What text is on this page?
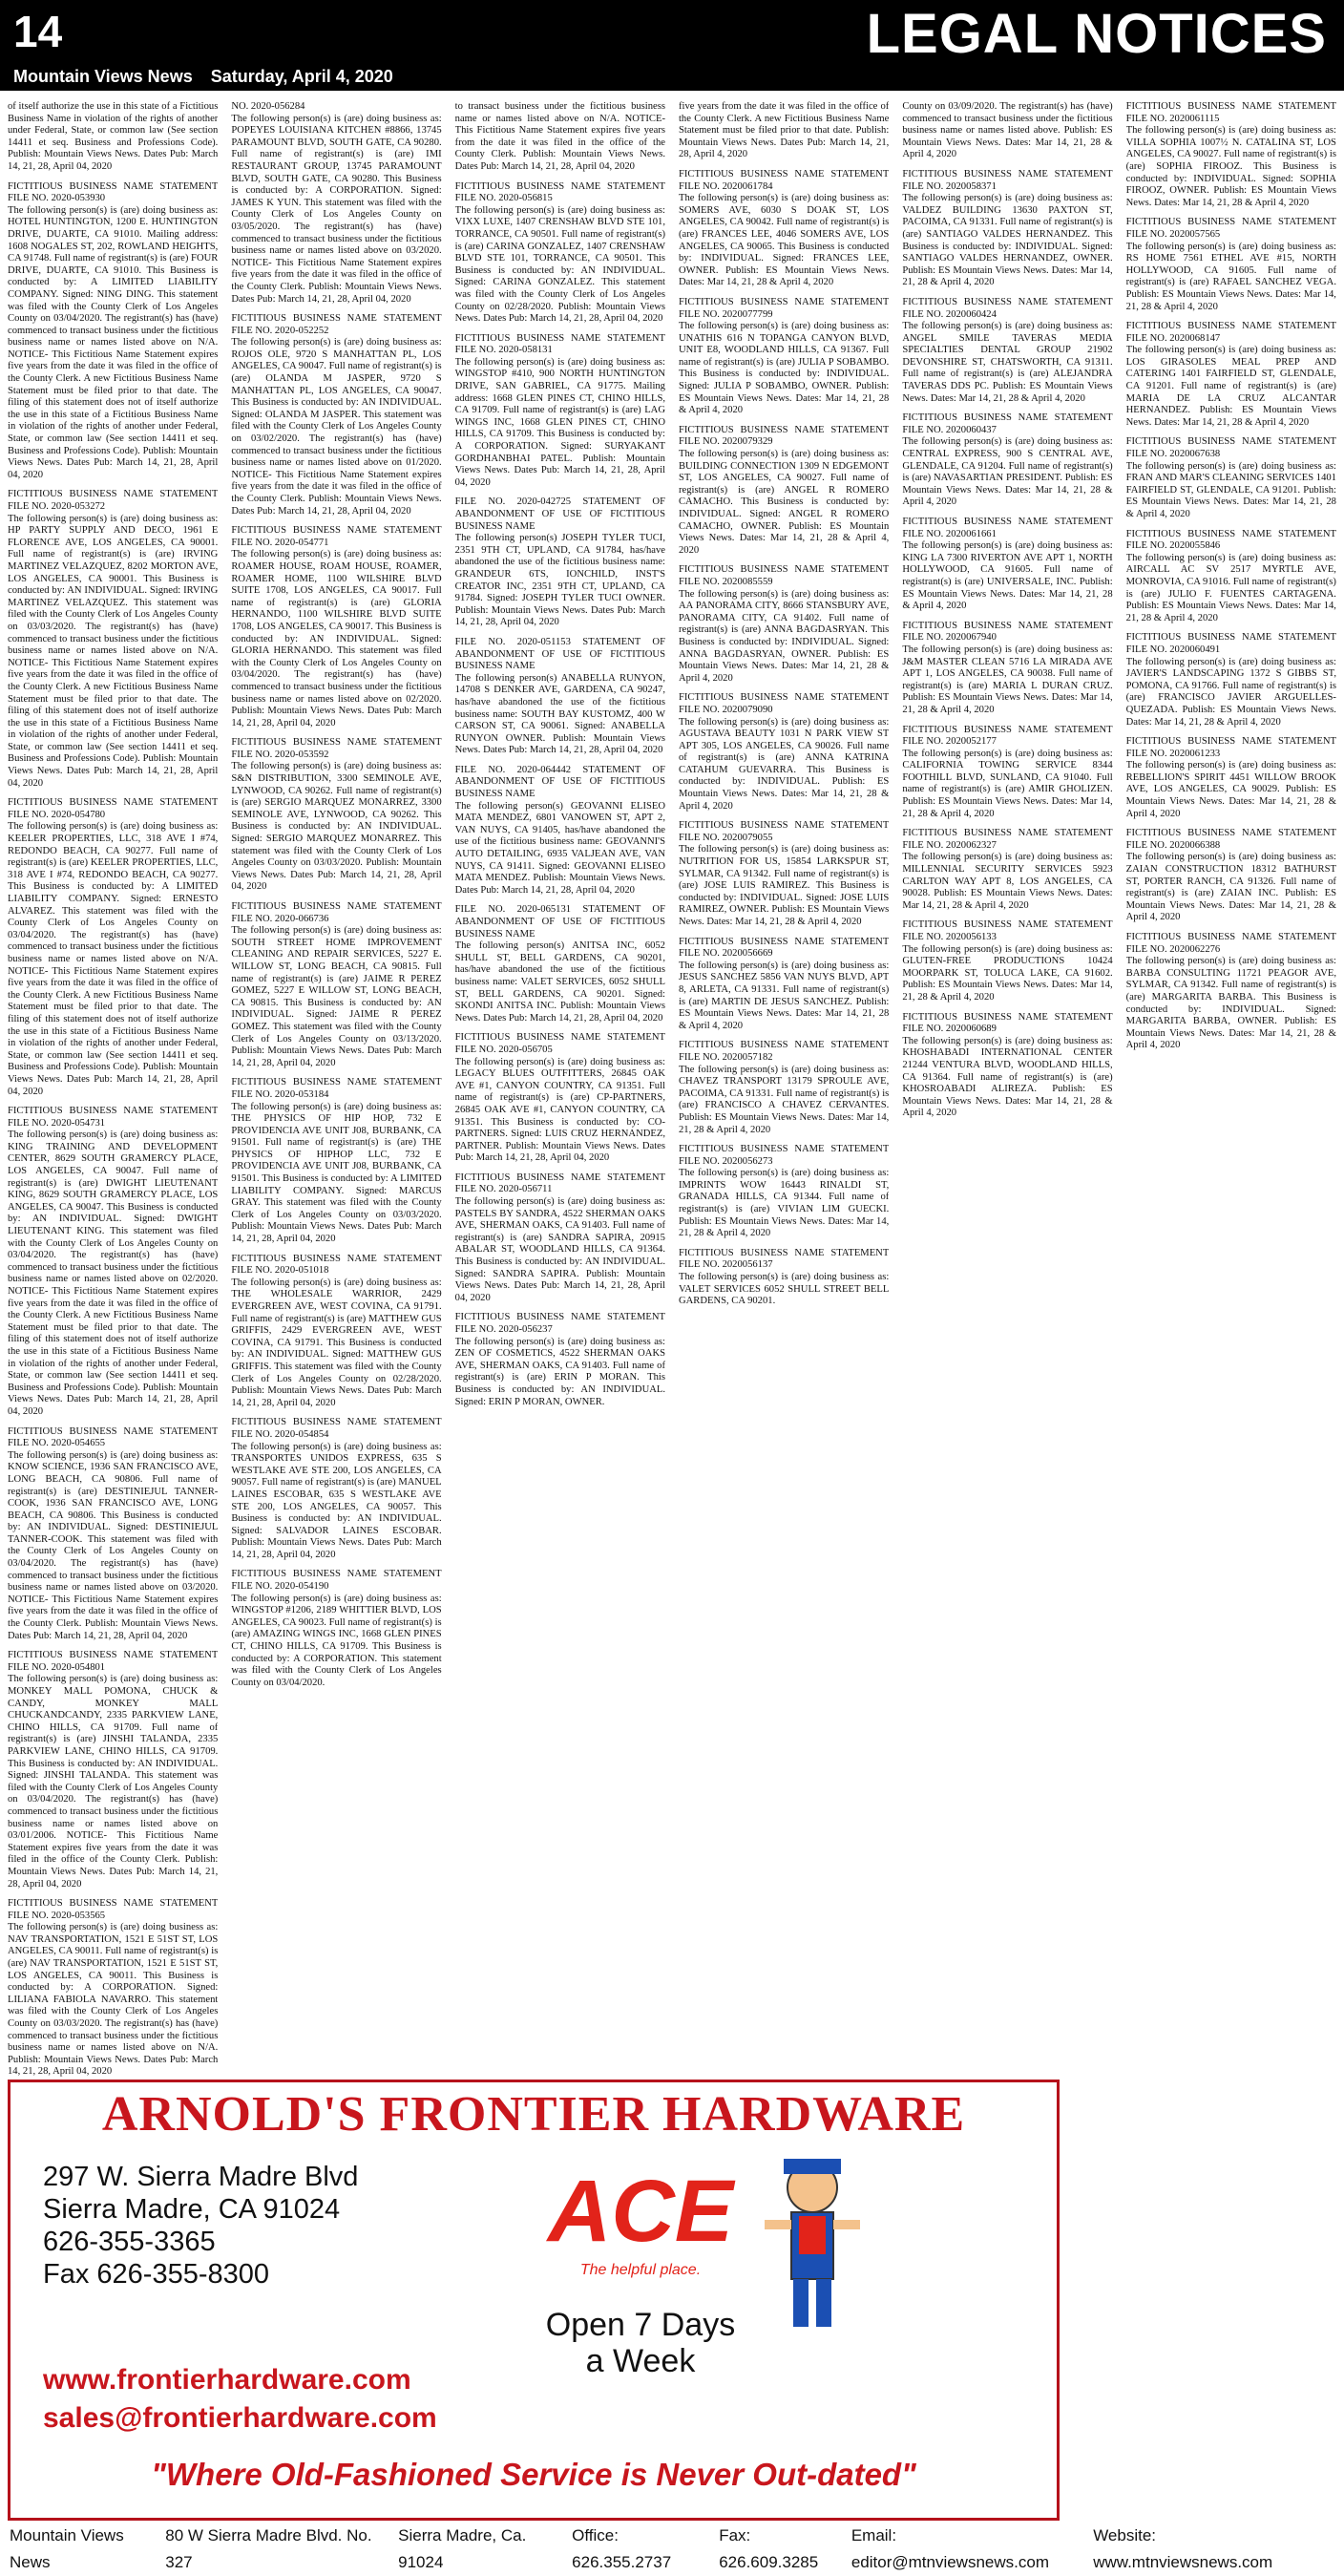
14	LEGAL NOTICES
Mountain Views News Saturday, April 4, 2020
of itself authorize the use in this state of a Fictitious Business Name in violation of the rights of another under Federal, State, or common law (See section 14411 et seq. Business and Professions Code). Publish: Mountain Views News. Dates Pub: March 14, 21, 28, April 04, 2020
FICTITIOUS BUSINESS NAME STATEMENT FILE NO. 2020-053930
The following person(s) is (are) doing business as: HOTEL HUNTINGTON, 1200 E. HUNTINGTON DRIVE, DUARTE, CA 91010. Mailing address: 1608 NOGALES ST, 202, ROWLAND HEIGHTS, CA 91748. Full name of registrant(s) is (are) FOUR DRIVE, DUARTE, CA 91010. This Business is conducted by: A LIMITED LIABILITY COMPANY. Signed: NING DING. This statement was filed with the County Clerk of Los Angeles County on 03/04/2020. The registrant(s) has (have) commenced to transact business under the fictitious business name or names listed above on N/A. NOTICE- This Fictitious Name Statement expires five years from the date it was filed in the office of the County Clerk. A new Fictitious Business Name Statement must be filed prior to that date. The filing of this statement does not of itself authorize the use in this state of a Fictitious Business Name in violation of the rights of another under Federal, State, or common law (See section 14411 et seq. Business and Professions Code). Publish: Mountain Views News. Dates Pub: March 14, 21, 28, April 04, 2020
FICTITIOUS BUSINESS NAME STATEMENT FILE NO. 2020-053272
The following person(s) is (are) doing business as: HP PARTY SUPPLY AND DECO, 1961 E FLORENCE AVE, LOS ANGELES, CA 90001. Full name of registrant(s) is (are) IRVING MARTINEZ VELAZQUEZ, 8202 MORTON AVE, LOS ANGELES, CA 90001. This Business is conducted by: AN INDIVIDUAL. Signed: IRVING MARTINEZ VELAZQUEZ. This statement was filed with the County Clerk of Los Angeles County on 03/03/2020. The registrant(s) has (have) commenced to transact business under the fictitious business name or names listed above on N/A. NOTICE- This Fictitious Name Statement expires five years from the date it was filed in the office of the County Clerk. A new Fictitious Business Name Statement must be filed prior to that date. The filing of this statement does not of itself authorize the use in this state of a Fictitious Business Name in violation of the rights of another under Federal, State, or common law (See section 14411 et seq. Business and Professions Code). Publish: Mountain Views News. Dates Pub: March 14, 21, 28, April 04, 2020
FICTITIOUS BUSINESS NAME STATEMENT FILE NO. 2020-054780
The following person(s) is (are) doing business as: KEELER PROPERTIES, LLC, 318 AVE I #74, REDONDO BEACH, CA 90277. Full name of registrant(s) is (are) KEELER PROPERTIES, LLC, 318 AVE I #74, REDONDO BEACH, CA 90277. This Business is conducted by: A LIMITED LIABILITY COMPANY. Signed: ERNESTO ALVAREZ. This statement was filed with the County Clerk of Los Angeles County on 03/04/2020. The registrant(s) has (have) commenced to transact business under the fictitious business name or names listed above on N/A. NOTICE- This Fictitious Name Statement expires five years from the date it was filed in the office of the County Clerk. A new Fictitious Business Name Statement must be filed prior to that date. The filing of this statement does not of itself authorize the use in this state of a Fictitious Business Name in violation of the rights of another under Federal, State, or common law (See section 14411 et seq. Business and Professions Code). Publish: Mountain Views News. Dates Pub: March 14, 21, 28, April 04, 2020
FICTITIOUS BUSINESS NAME STATEMENT FILE NO. 2020-054731
The following person(s) is (are) doing business as: KING TRAINING AND DEVELOPMENT CENTER, 8629 SOUTH GRAMERCY PLACE, LOS ANGELES, CA 90047. Full name of registrant(s) is (are) DWIGHT LIEUTENANT KING, 8629 SOUTH GRAMERCY PLACE, LOS ANGELES, CA 90047. This Business is conducted by: AN INDIVIDUAL. Signed: DWIGHT LIEUTENANT KING. This statement was filed with the County Clerk of Los Angeles County on 03/04/2020. The registrant(s) has (have) commenced to transact business under the fictitious business name or names listed above on 02/2020. NOTICE- This Fictitious Name Statement expires five years from the date it was filed in the office of the County Clerk. A new Fictitious Business Name Statement must be filed prior to that date. The filing of this statement does not of itself authorize the use in this state of a Fictitious Business Name in violation of the rights of another under Federal, State, or common law (See section 14411 et seq. Business and Professions Code). Publish: Mountain Views News. Dates Pub: March 14, 21, 28, April 04, 2020
FICTITIOUS BUSINESS NAME STATEMENT FILE NO. 2020-054655
The following person(s) is (are) doing business as: KNOW SCIENCE, 1936 SAN FRANCISCO AVE, LONG BEACH, CA 90806. Full name of registrant(s) is (are) DESTINIEJUL TANNER-COOK, 1936 SAN FRANCISCO AVE, LONG BEACH, CA 90806. This Business is conducted by: AN INDIVIDUAL. Signed: DESTINIEJUL TANNER-COOK. This statement was filed with the County Clerk of Los Angeles County on 03/04/2020. The registrant(s) has (have) commenced to transact business under the fictitious business name or names listed above on 03/2020. NOTICE- This Fictitious Name Statement expires five years from the date it was filed in the office of the County Clerk. Publish: Mountain Views News. Dates Pub: March 14, 21, 28, April 04, 2020
FICTITIOUS BUSINESS NAME STATEMENT FILE NO. 2020-054801
The following person(s) is (are) doing business as: MONKEY MALL POMONA, CHUCK & CANDY, MONKEY MALL CHUCKANDCANDY, 2335 PARKVIEW LANE, CHINO HILLS, CA 91709. Full name of registrant(s) is (are) JINSHI TALANDA, 2335 PARKVIEW LANE, CHINO HILLS, CA 91709. This Business is conducted by: AN INDIVIDUAL. Signed: JINSHI TALANDA. This statement was filed with the County Clerk of Los Angeles County on 03/04/2020. The registrant(s) has (have) commenced to transact business under the fictitious business name or names listed above on 03/01/2006. NOTICE- This Fictitious Name Statement expires five years from the date it was filed in the office of the County Clerk. Publish: Mountain Views News. Dates Pub: March 14, 21, 28, April 04, 2020
FICTITIOUS BUSINESS NAME STATEMENT FILE NO. 2020-053565
The following person(s) is (are) doing business as: NAV TRANSPORTATION, 1521 E 51ST ST, LOS ANGELES, CA 90011. Full name of registrant(s) is (are) NAV TRANSPORTATION, 1521 E 51ST ST, LOS ANGELES, CA 90011. This Business is conducted by: A CORPORATION. Signed: LILIANA FABIOLA NAVARRO. This statement was filed with the County Clerk of Los Angeles County on 03/03/2020. The registrant(s) has (have) commenced to transact business under the fictitious business name or names listed above on N/A. Publish: Mountain Views News. Dates Pub: March 14, 21, 28, April 04, 2020
NO. 2020-056284
The following person(s) is (are) doing business as: POPEYES LOUISIANA KITCHEN #8866, 13745 PARAMOUNT BLVD, SOUTH GATE, CA 90280. Full name of registrant(s) is (are) IMI RESTAURANT GROUP, 13745 PARAMOUNT BLVD, SOUTH GATE, CA 90280. This Business is conducted by: A CORPORATION. Signed: JAMES K YUN. This statement was filed with the County Clerk of Los Angeles County on 03/05/2020. The registrant(s) has (have) commenced to transact business under the fictitious business name or names listed above on 03/2020. NOTICE- This Fictitious Name Statement expires five years from the date it was filed in the office of the County Clerk. Publish: Mountain Views News. Dates Pub: March 14, 21, 28, April 04, 2020
FICTITIOUS BUSINESS NAME STATEMENT FILE NO. 2020-052252
The following person(s) is (are) doing business as: ROJOS OLE, 9720 S MANHATTAN PL, LOS ANGELES, CA 90047. Full name of registrant(s) is (are) OLANDA M JASPER, 9720 S MANHATTAN PL, LOS ANGELES, CA 90047. This Business is conducted by: AN INDIVIDUAL. Signed: OLANDA M JASPER. This statement was filed with the County Clerk of Los Angeles County on 03/02/2020. The registrant(s) has (have) commenced to transact business under the fictitious business name or names listed above on 01/2020. NOTICE- This Fictitious Name Statement expires five years from the date it was filed in the office of the County Clerk. Publish: Mountain Views News. Dates Pub: March 14, 21, 28, April 04, 2020
FICTITIOUS BUSINESS NAME STATEMENT FILE NO. 2020-054771
The following person(s) is (are) doing business as: ROAMER HOUSE, ROAM HOUSE, ROAMER, ROAMER HOME, 1100 WILSHIRE BLVD SUITE 1708, LOS ANGELES, CA 90017. Full name of registrant(s) is (are) GLORIA HERNANDO, 1100 WILSHIRE BLVD SUITE 1708, LOS ANGELES, CA 90017. This Business is conducted by: AN INDIVIDUAL. Signed: GLORIA HERNANDO. This statement was filed with the County Clerk of Los Angeles County on 03/04/2020. The registrant(s) has (have) commenced to transact business under the fictitious business name or names listed above on 02/2020. Publish: Mountain Views News. Dates Pub: March 14, 21, 28, April 04, 2020
FICTITIOUS BUSINESS NAME STATEMENT FILE NO. 2020-053592
The following person(s) is (are) doing business as: S&N DISTRIBUTION, 3300 SEMINOLE AVE, LYNWOOD, CA 90262. Full name of registrant(s) is (are) SERGIO MARQUEZ MONARREZ, 3300 SEMINOLE AVE, LYNWOOD, CA 90262. This Business is conducted by: AN INDIVIDUAL. Signed: SERGIO MARQUEZ MONARREZ. This statement was filed with the County Clerk of Los Angeles County on 03/03/2020. Publish: Mountain Views News. Dates Pub: March 14, 21, 28, April 04, 2020
FICTITIOUS BUSINESS NAME STATEMENT FILE NO. 2020-066736
The following person(s) is (are) doing business as: SOUTH STREET HOME IMPROVEMENT CLEANING AND REPAIR SERVICES, 5227 E. WILLOW ST, LONG BEACH, CA 90815. Full name of registrant(s) is (are) JAIME R PEREZ GOMEZ, 5227 E WILLOW ST, LONG BEACH, CA 90815. This Business is conducted by: AN INDIVIDUAL. Signed: JAIME R PEREZ GOMEZ. This statement was filed with the County Clerk of Los Angeles County on 03/13/2020. Publish: Mountain Views News. Dates Pub: March 14, 21, 28, April 04, 2020
FICTITIOUS BUSINESS NAME STATEMENT FILE NO. 2020-053184
The following person(s) is (are) doing business as: THE PHYSICS OF HIP HOP, 732 E PROVIDENCIA AVE UNIT J08, BURBANK, CA 91501. Full name of registrant(s) is (are) THE PHYSICS OF HIPHOP LLC, 732 E PROVIDENCIA AVE UNIT J08, BURBANK, CA 91501. This Business is conducted by: A LIMITED LIABILITY COMPANY. Signed: MARCUS GRAY. This statement was filed with the County Clerk of Los Angeles County on 03/03/2020. Publish: Mountain Views News. Dates Pub: March 14, 21, 28, April 04, 2020
FICTITIOUS BUSINESS NAME STATEMENT FILE NO. 2020-051018
The following person(s) is (are) doing business as: THE WHOLESALE WARRIOR, 2429 EVERGREEN AVE, WEST COVINA, CA 91791. Full name of registrant(s) is (are) MATTHEW GUS GRIFFIS, 2429 EVERGREEN AVE, WEST COVINA, CA 91791. This Business is conducted by: AN INDIVIDUAL. Signed: MATTHEW GUS GRIFFIS. This statement was filed with the County Clerk of Los Angeles County on 02/28/2020. Publish: Mountain Views News. Dates Pub: March 14, 21, 28, April 04, 2020
FICTITIOUS BUSINESS NAME STATEMENT FILE NO. 2020-054854
The following person(s) is (are) doing business as: TRANSPORTES UNIDOS EXPRESS, 635 S WESTLAKE AVE STE 200, LOS ANGELES, CA 90057. Full name of registrant(s) is (are) MANUEL LAINES ESCOBAR, 635 S WESTLAKE AVE STE 200, LOS ANGELES, CA 90057. This Business is conducted by: AN INDIVIDUAL. Signed: SALVADOR LAINES ESCOBAR. Publish: Mountain Views News. Dates Pub: March 14, 21, 28, April 04, 2020
FICTITIOUS BUSINESS NAME STATEMENT FILE NO. 2020-054190
The following person(s) is (are) doing business as: WINGSTOP #1206, 2189 WHITTIER BLVD, LOS ANGELES, CA 90023. Full name of registrant(s) is (are) AMAZING WINGS INC, 1668 GLEN PINES CT, CHINO HILLS, CA 91709. This Business is conducted by: A CORPORATION. This statement was filed with the County Clerk of Los Angeles County on 03/04/2020.
to transact business under the fictitious business name or names listed above on N/A. NOTICE- This Fictitious Name Statement expires five years from the date it was filed in the office of the County Clerk. Publish: Mountain Views News. Dates Pub: March 14, 21, 28, April 04, 2020
FICTITIOUS BUSINESS NAME STATEMENT FILE NO. 2020-056815
The following person(s) is (are) doing business as: VIXX LUXE, 1407 CRENSHAW BLVD STE 101, TORRANCE, CA 90501. Full name of registrant(s) is (are) CARINA GONZALEZ, 1407 CRENSHAW BLVD STE 101, TORRANCE, CA 90501. This Business is conducted by: AN INDIVIDUAL. Signed: CARINA GONZALEZ. This statement was filed with the County Clerk of Los Angeles County on 02/28/2020. Publish: Mountain Views News. Dates Pub: March 14, 21, 28, April 04, 2020
FICTITIOUS BUSINESS NAME STATEMENT FILE NO. 2020-058131
The following person(s) is (are) doing business as: WINGSTOP #410, 900 NORTH HUNTINGTON DRIVE, SAN GABRIEL, CA 91775. Mailing address: 1668 GLEN PINES CT, CHINO HILLS, CA 91709. Full name of registrant(s) is (are) LAG WINGS INC, 1668 GLEN PINES CT, CHINO HILLS, CA 91709. This Business is conducted by: A CORPORATION. Signed: SURYAKANT GORDHANBHAI PATEL. Publish: Mountain Views News. Dates Pub: March 14, 21, 28, April 04, 2020
FILE NO. 2020-042725 STATEMENT OF ABANDONMENT OF USE OF FICTITIOUS BUSINESS NAME
The following person(s) JOSEPH TYLER TUCI, 2351 9TH CT, UPLAND, CA 91784, has/have abandoned the use of the fictitious business name: GRANDEUR 6TS, IONCHILD, INST'S CREATOR INC, 2351 9TH CT, UPLAND, CA 91784. Signed: JOSEPH TYLER TUCI OWNER. Publish: Mountain Views News. Dates Pub: March 14, 21, 28, April 04, 2020
FILE NO. 2020-051153 STATEMENT OF ABANDONMENT OF USE OF FICTITIOUS BUSINESS NAME
The following person(s) ANABELLA RUNYON, 14708 S DENKER AVE, GARDENA, CA 90247, has/have abandoned the use of the fictitious business name: SOUTH BAY KUSTOMZ, 400 W CARSON ST, CA 90061. Signed: ANABELLA RUNYON OWNER. Publish: Mountain Views News. Dates Pub: March 14, 21, 28, April 04, 2020
FILE NO. 2020-064442 STATEMENT OF ABANDONMENT OF USE OF FICTITIOUS BUSINESS NAME
The following person(s) GEOVANNI ELISEO MATA MENDEZ, 6801 VANOWEN ST, APT 2, VAN NUYS, CA 91405, has/have abandoned the use of the fictitious business name: GEOVANNI'S AUTO DETAILING, 6935 VALJEAN AVE, VAN NUYS, CA 91411. Signed: GEOVANNI ELISEO MATA MENDEZ. Publish: Mountain Views News. Dates Pub: March 14, 21, 28, April 04, 2020
FILE NO. 2020-065131 STATEMENT OF ABANDONMENT OF USE OF FICTITIOUS BUSINESS NAME
The following person(s) ANITSA INC, 6052 SHULL ST, BELL GARDENS, CA 90201, has/have abandoned the use of the fictitious business name: VALET SERVICES, 6052 SHULL ST, BELL GARDENS, CA 90201. Signed: SKONDI ANITSA INC. Publish: Mountain Views News. Dates Pub: March 14, 21, 28, April 04, 2020
FICTITIOUS BUSINESS NAME STATEMENT FILE NO. 2020-056705
The following person(s) is (are) doing business as: LEGACY BLUES OUTFITTERS, 26845 OAK AVE #1, CANYON COUNTRY, CA 91351. Full name of registrant(s) is (are) CP-PARTNERS, 26845 OAK AVE #1, CANYON COUNTRY, CA 91351. This Business is conducted by: CO-PARTNERS. Signed: LUIS CRUZ HERNANDEZ, PARTNER. Publish: Mountain Views News. Dates Pub: March 14, 21, 28, April 04, 2020
FICTITIOUS BUSINESS NAME STATEMENT FILE NO. 2020-056711
The following person(s) is (are) doing business as: PASTELS BY SANDRA, 4522 SHERMAN OAKS AVE, SHERMAN OAKS, CA 91403. Full name of registrant(s) is (are) SANDRA SAPIRA, 20915 ABALAR ST, WOODLAND HILLS, CA 91364. This Business is conducted by: AN INDIVIDUAL. Signed: SANDRA SAPIRA. Publish: Mountain Views News. Dates Pub: March 14, 21, 28, April 04, 2020
FICTITIOUS BUSINESS NAME STATEMENT FILE NO. 2020-056237
The following person(s) is (are) doing business as: ZEN OF COSMETICS, 4522 SHERMAN OAKS AVE, SHERMAN OAKS, CA 91403. Full name of registrant(s) is (are) ERIN P MORAN. This Business is conducted by: AN INDIVIDUAL. Signed: ERIN P MORAN, OWNER.
five years from the date it was filed in the office of the County Clerk. A new Fictitious Business Name Statement must be filed prior to that date. Publish: Mountain Views News. Dates Pub: March 14, 21, 28, April 4, 2020
FICTITIOUS BUSINESS NAME STATEMENT FILE NO. 2020061784
The following person(s) is (are) doing business as: SOMERS AVE, 6030 S DOAK ST, LOS ANGELES, CA 90042. Full name of registrant(s) is (are) FRANCES LEE, 4046 SOMERS AVE, LOS ANGELES, CA 90065. This Business is conducted by: INDIVIDUAL. Signed: FRANCES LEE, OWNER. Publish: ES Mountain Views News. Dates: Mar 14, 21, 28 & April 4, 2020
FICTITIOUS BUSINESS NAME STATEMENT FILE NO. 2020077799
The following person(s) is (are) doing business as: UNATHIS 616 N TOPANGA CANYON BLVD, UNIT E8, WOODLAND HILLS, CA 91367. Full name of registrant(s) is (are) JULIA P SOBAMBO. This Business is conducted by: INDIVIDUAL. Signed: JULIA P SOBAMBO, OWNER. Publish: ES Mountain Views News. Dates: Mar 14, 21, 28 & April 4, 2020
FICTITIOUS BUSINESS NAME STATEMENT FILE NO. 2020079329
The following person(s) is (are) doing business as: BUILDING CONNECTION 1309 N EDGEMONT ST, LOS ANGELES, CA 90027. Full name of registrant(s) is (are) ANGEL R ROMERO CAMACHO. This Business is conducted by: INDIVIDUAL. Signed: ANGEL R ROMERO CAMACHO, OWNER. Publish: ES Mountain Views News. Dates: Mar 14, 21, 28 & April 4, 2020
FICTITIOUS BUSINESS NAME STATEMENT FILE NO. 2020085559
The following person(s) is (are) doing business as: AA PANORAMA CITY, 8666 STANSBURY AVE, PANORAMA CITY, CA 91402. Full name of registrant(s) is (are) ANNA BAGDASRYAN. This Business is conducted by: INDIVIDUAL. Signed: ANNA BAGDASRYAN, OWNER. Publish: ES Mountain Views News. Dates: Mar 14, 21, 28 & April 4, 2020
FICTITIOUS BUSINESS NAME STATEMENT FILE NO. 2020079090
The following person(s) is (are) doing business as: AGUSTAVA BEAUTY 1031 N PARK VIEW ST APT 305, LOS ANGELES, CA 90026. Full name of registrant(s) is (are) ANNA KATRINA CATAHUM GUEVARRA. This Business is conducted by: INDIVIDUAL. Publish: ES Mountain Views News. Dates: Mar 14, 21, 28 & April 4, 2020
FICTITIOUS BUSINESS NAME STATEMENT FILE NO. 2020079055
The following person(s) is (are) doing business as: NUTRITION FOR US, 15854 LARKSPUR ST, SYLMAR, CA 91342. Full name of registrant(s) is (are) JOSE LUIS RAMIREZ. This Business is conducted by: INDIVIDUAL. Signed: JOSE LUIS RAMIREZ, OWNER. Publish: ES Mountain Views News. Dates: Mar 14, 21, 28 & April 4, 2020
FICTITIOUS BUSINESS NAME STATEMENT FILE NO. 2020056669
The following person(s) is (are) doing business as: JESUS SANCHEZ 5856 VAN NUYS BLVD, APT 8, ARLETA, CA 91331. Full name of registrant(s) is (are) MARTIN DE JESUS SANCHEZ. Publish: ES Mountain Views News. Dates: Mar 14, 21, 28 & April 4, 2020
FICTITIOUS BUSINESS NAME STATEMENT FILE NO. 2020057182
The following person(s) is (are) doing business as: CHAVEZ TRANSPORT 13179 SPROULE AVE, PACOIMA, CA 91331. Full name of registrant(s) is (are) FRANCISCO A CHAVEZ CERVANTES. Publish: ES Mountain Views News. Dates: Mar 14, 21, 28 & April 4, 2020
FICTITIOUS BUSINESS NAME STATEMENT FILE NO. 2020056273
The following person(s) is (are) doing business as: IMPRINTS WOW 16443 RINALDI ST, GRANADA HILLS, CA 91344. Full name of registrant(s) is (are) VIVIAN LIM GUECKI. Publish: ES Mountain Views News. Dates: Mar 14, 21, 28 & April 4, 2020
FICTITIOUS BUSINESS NAME STATEMENT FILE NO. 2020056137
The following person(s) is (are) doing business as: VALET SERVICES 6052 SHULL STREET BELL GARDENS, CA 90201.
County on 03/09/2020. The registrant(s) has (have) commenced to transact business under the fictitious business name or names listed above. Publish: ES Mountain Views News. Dates: Mar 14, 21, 28 & April 4, 2020
FICTITIOUS BUSINESS NAME STATEMENT FILE NO. 2020058371
The following person(s) is (are) doing business as: VALDEZ BUILDING 13630 PAXTON ST, PACOIMA, CA 91331. Full name of registrant(s) is (are) SANTIAGO VALDES HERNANDEZ. This Business is conducted by: INDIVIDUAL. Signed: SANTIAGO VALDES HERNANDEZ, OWNER. Publish: ES Mountain Views News. Dates: Mar 14, 21, 28 & April 4, 2020
FICTITIOUS BUSINESS NAME STATEMENT FILE NO. 2020060424
The following person(s) is (are) doing business as: ANGEL SMILE TAVERAS MEDIA SPECIALTIES DENTAL GROUP 21902 DEVONSHIRE ST, CHATSWORTH, CA 91311. Full name of registrant(s) is (are) ALEJANDRA TAVERAS DDS PC. Publish: ES Mountain Views News. Dates: Mar 14, 21, 28 & April 4, 2020
FICTITIOUS BUSINESS NAME STATEMENT FILE NO. 2020060437
The following person(s) is (are) doing business as: CENTRAL EXPRESS, 900 S CENTRAL AVE, GLENDALE, CA 91204. Full name of registrant(s) is (are) NAVASARTIAN PRESIDENT. Publish: ES Mountain Views News. Dates: Mar 14, 21, 28 & April 4, 2020
FICTITIOUS BUSINESS NAME STATEMENT FILE NO. 2020061661
The following person(s) is (are) doing business as: KING LA 7300 RIVERTON AVE APT 1, NORTH HOLLYWOOD, CA 91605. Full name of registrant(s) is (are) UNIVERSALE, INC. Publish: ES Mountain Views News. Dates: Mar 14, 21, 28 & April 4, 2020
FICTITIOUS BUSINESS NAME STATEMENT FILE NO. 2020067940
The following person(s) is (are) doing business as: J&M MASTER CLEAN 5716 LA MIRADA AVE APT 1, LOS ANGELES, CA 90038. Full name of registrant(s) is (are) MARIA L DURAN CRUZ. Publish: ES Mountain Views News. Dates: Mar 14, 21, 28 & April 4, 2020
FICTITIOUS BUSINESS NAME STATEMENT FILE NO. 2020052177
The following person(s) is (are) doing business as: CALIFORNIA TOWING SERVICE 8344 FOOTHILL BLVD, SUNLAND, CA 91040. Full name of registrant(s) is (are) AMIR GHOLIZEN. Publish: ES Mountain Views News. Dates: Mar 14, 21, 28 & April 4, 2020
FICTITIOUS BUSINESS NAME STATEMENT FILE NO. 2020062327
The following person(s) is (are) doing business as: MILLENNIAL SECURITY SERVICES 5923 CARLTON WAY APT 8, LOS ANGELES, CA 90028. Publish: ES Mountain Views News. Dates: Mar 14, 21, 28 & April 4, 2020
FICTITIOUS BUSINESS NAME STATEMENT FILE NO. 2020056133
The following person(s) is (are) doing business as: GLUTEN-FREE PRODUCTIONS 10424 MOORPARK ST, TOLUCA LAKE, CA 91602. Publish: ES Mountain Views News. Dates: Mar 14, 21, 28 & April 4, 2020
FICTITIOUS BUSINESS NAME STATEMENT FILE NO. 2020060689
The following person(s) is (are) doing business as: KHOSHABADI INTERNATIONAL CENTER 21244 VENTURA BLVD, WOODLAND HILLS, CA 91364. Full name of registrant(s) is (are) KHOSROABADI ALIREZA. Publish: ES Mountain Views News. Dates: Mar 14, 21, 28 & April 4, 2020
FICTITIOUS BUSINESS NAME STATEMENT FILE NO. 2020061115
The following person(s) is (are) doing business as: VILLA SOPHIA 1007½ N. CATALINA ST, LOS ANGELES, CA 90027. Full name of registrant(s) is (are) SOPHIA FIROOZ. This Business is conducted by: INDIVIDUAL. Signed: SOPHIA FIROOZ, OWNER. Publish: ES Mountain Views News. Dates: Mar 14, 21, 28 & April 4, 2020
FICTITIOUS BUSINESS NAME STATEMENT FILE NO. 2020057565
The following person(s) is (are) doing business as: RS HOME 7561 ETHEL AVE #15, NORTH HOLLYWOOD, CA 91605. Full name of registrant(s) is (are) RAFAEL SANCHEZ VEGA. Publish: ES Mountain Views News. Dates: Mar 14, 21, 28 & April 4, 2020
FICTITIOUS BUSINESS NAME STATEMENT FILE NO. 2020068147
The following person(s) is (are) doing business as: LOS GIRASOLES MEAL PREP AND CATERING 1401 FAIRFIELD ST, GLENDALE, CA 91201. Full name of registrant(s) is (are) MARIA DE LA CRUZ ALCANTAR HERNANDEZ. Publish: ES Mountain Views News. Dates: Mar 14, 21, 28 & April 4, 2020
FICTITIOUS BUSINESS NAME STATEMENT FILE NO. 2020067638
The following person(s) is (are) doing business as: FRAN AND MAR'S CLEANING SERVICES 1401 FAIRFIELD ST, GLENDALE, CA 91201. Publish: ES Mountain Views News. Dates: Mar 14, 21, 28 & April 4, 2020
FICTITIOUS BUSINESS NAME STATEMENT FILE NO. 2020055846
The following person(s) is (are) doing business as: AIRCALL AC SV 2517 MYRTLE AVE, MONROVIA, CA 91016. Full name of registrant(s) is (are) JULIO F. FUENTES CARTAGENA. Publish: ES Mountain Views News. Dates: Mar 14, 21, 28 & April 4, 2020
FICTITIOUS BUSINESS NAME STATEMENT FILE NO. 2020060491
The following person(s) is (are) doing business as: JAVIER'S LANDSCAPING 1372 S GIBBS ST, POMONA, CA 91766. Full name of registrant(s) is (are) FRANCISCO JAVIER ARGUELLES-QUEZADA. Publish: ES Mountain Views News. Dates: Mar 14, 21, 28 & April 4, 2020
FICTITIOUS BUSINESS NAME STATEMENT FILE NO. 2020061233
The following person(s) is (are) doing business as: REBELLION'S SPIRIT 4451 WILLOW BROOK AVE, LOS ANGELES, CA 90029. Publish: ES Mountain Views News. Dates: Mar 14, 21, 28 & April 4, 2020
FICTITIOUS BUSINESS NAME STATEMENT FILE NO. 2020066388
The following person(s) is (are) doing business as: ZAIAN CONSTRUCTION 18312 BATHURST ST, PORTER RANCH, CA 91326. Full name of registrant(s) is (are) ZAIAN INC. Publish: ES Mountain Views News. Dates: Mar 14, 21, 28 & April 4, 2020
FICTITIOUS BUSINESS NAME STATEMENT FILE NO. 2020062276
The following person(s) is (are) doing business as: BARBA CONSULTING 11721 PEAGOR AVE, SYLMAR, CA 91342. Full name of registrant(s) is (are) MARGARITA BARBA. This Business is conducted by: INDIVIDUAL. Signed: MARGARITA BARBA, OWNER. Publish: ES Mountain Views News. Dates: Mar 14, 21, 28 & April 4, 2020
ARNOLD'S FRONTIER HARDWARE
297 W. Sierra Madre Blvd
Sierra Madre, CA 91024
626-355-3365
Fax 626-355-8300
ACE
The helpful place.
Open 7 Days
a Week
www.frontierhardware.com
sales@frontierhardware.com
"Where Old-Fashioned Service is Never Out-dated"
Mountain Views News
80 W Sierra Madre Blvd. No. 327
Sierra Madre, Ca. 91024
Office: 626.355.2737
Fax: 626.609.3285
Email: editor@mtnviewsnews.com
Website: www.mtnviewsnews.com
